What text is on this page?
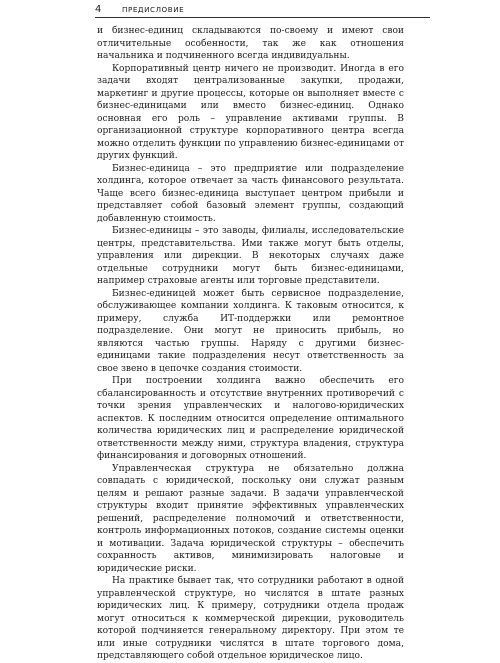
4	ПРЕДИСЛОВИЕ

и бизнес-единиц складываются по-своему и имеют свои отличительные особенности, так же как отношения начальника и подчиненного всегда индивидуальны.

Корпоративный центр ничего не производит. Иногда в его задачи входят централизованные закупки, продажи, маркетинг и другие процессы, которые он выполняет вместе с бизнес-единицами или вместо бизнес-единиц. Однако основная его роль – управление активами группы. В организационной структуре корпоративного центра всегда можно отделить функции по управлению бизнес-единицами от других функций.

Бизнес-единица – это предприятие или подразделение холдинга, которое отвечает за часть финансового результата. Чаще всего бизнес-единица выступает центром прибыли и представляет собой базовый элемент группы, создающий добавленную стоимость.

Бизнес-единицы – это заводы, филиалы, исследовательские центры, представительства. Ими также могут быть отделы, управления или дирекции. В некоторых случаях даже отдельные сотрудники могут быть бизнес-единицами, например страховые агенты или торговые представители.

Бизнес-единицей может быть сервисное подразделение, обслуживающее компании холдинга. К таковым относится, к примеру, служба ИТ-поддержки или ремонтное подразделение. Они могут не приносить прибыль, но являются частью группы. Наряду с другими бизнес-единицами такие подразделения несут ответственность за свое звено в цепочке создания стоимости.

При построении холдинга важно обеспечить его сбалансированность и отсутствие внутренних противоречий с точки зрения управленческих и налогово-юридических аспектов. К последним относится определение оптимального количества юридических лиц и распределение юридической ответственности между ними, структура владения, структура финансирования и договорных отношений.

Управленческая структура не обязательно должна совпадать с юридической, поскольку они служат разным целям и решают разные задачи. В задачи управленческой структуры входит принятие эффективных управленческих решений, распределение полномочий и ответственности, контроль информационных потоков, создание системы оценки и мотивации. Задача юридической структуры – обеспечить сохранность активов, минимизировать налоговые и юридические риски.

На практике бывает так, что сотрудники работают в одной управленческой структуре, но числятся в штате разных юридических лиц. К примеру, сотрудники отдела продаж могут относиться к коммерческой дирекции, руководитель которой подчиняется генеральному директору. При этом те или иные сотрудники числятся в штате торгового дома, представляющего собой отдельное юридическое лицо.
